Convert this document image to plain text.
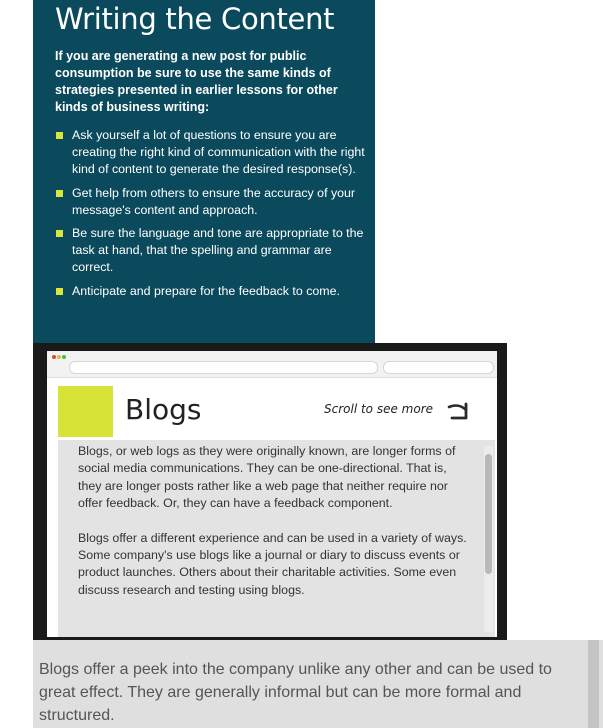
Writing the Content
If you are generating a new post for public consumption be sure to use the same kinds of strategies presented in earlier lessons for other kinds of business writing:
Ask yourself a lot of questions to ensure you are creating the right kind of communication with the right kind of content to generate the desired response(s).
Get help from others to ensure the accuracy of your message's content and approach.
Be sure the language and tone are appropriate to the task at hand, that the spelling and grammar are correct.
Anticipate and prepare for the feedback to come.
Blogs	Scroll to see more

Blogs, or web logs as they were originally known, are longer forms of social media communications. They can be one-directional. That is, they are longer posts rather like a web page that neither require nor offer feedback. Or, they can have a feedback component.

Blogs offer a different experience and can be used in a variety of ways. Some company's use blogs like a journal or diary to discuss events or product launches. Others about their charitable activities. Some even discuss research and testing using blogs.

Blogs offer a peek into the company unlike any other and can be used to great effect. They are generally informal but can be more formal and structured.
